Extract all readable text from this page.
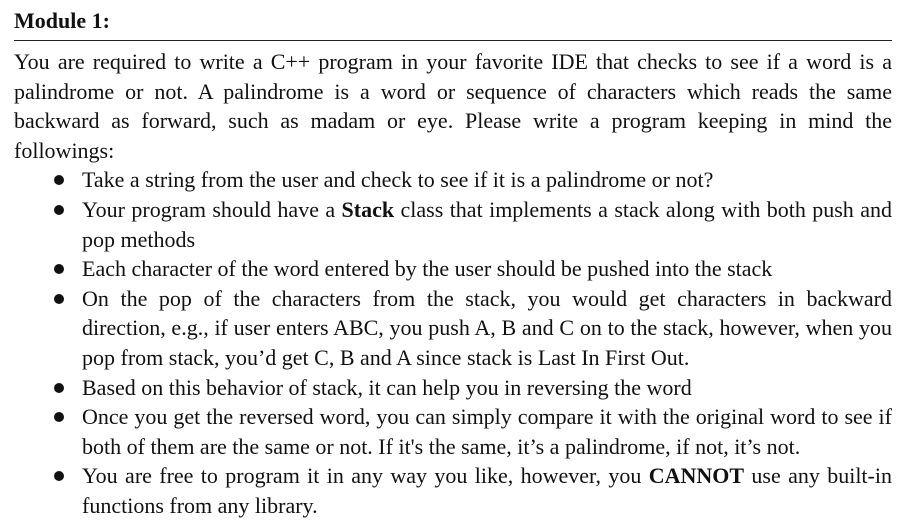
Module 1:

You are required to write a C++ program in your favorite IDE that checks to see if a word is a palindrome or not. A palindrome is a word or sequence of characters which reads the same backward as forward, such as madam or eye. Please write a program keeping in mind the followings:

Take a string from the user and check to see if it is a palindrome or not?
Your program should have a Stack class that implements a stack along with both push and pop methods
Each character of the word entered by the user should be pushed into the stack
On the pop of the characters from the stack, you would get characters in backward direction, e.g., if user enters ABC, you push A, B and C on to the stack, however, when you pop from stack, you’d get C, B and A since stack is Last In First Out.
Based on this behavior of stack, it can help you in reversing the word
Once you get the reversed word, you can simply compare it with the original word to see if both of them are the same or not. If it's the same, it’s a palindrome, if not, it’s not.
You are free to program it in any way you like, however, you CANNOT use any built-in functions from any library.
